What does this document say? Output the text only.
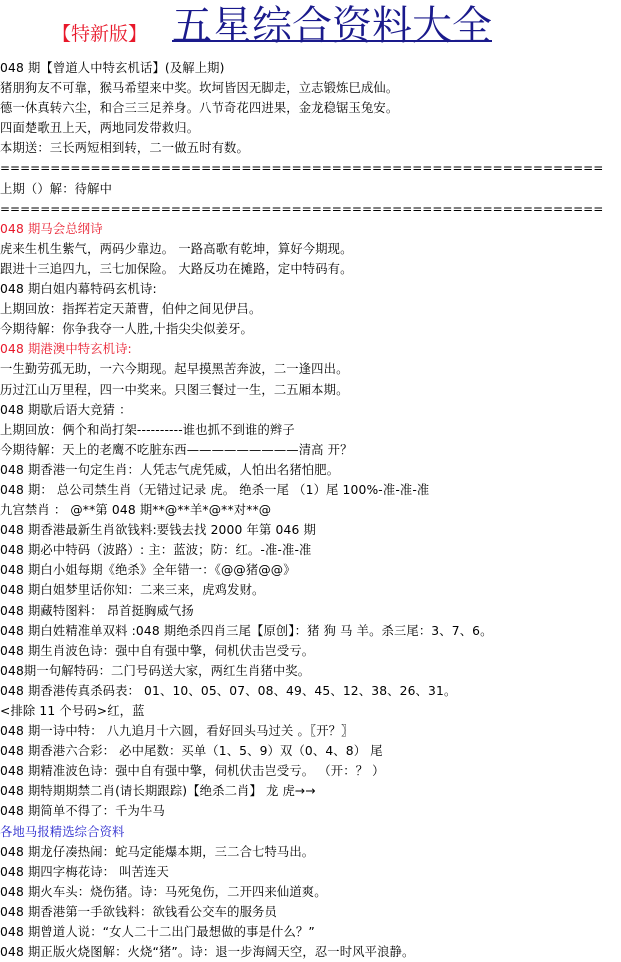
【特新版】 五星综合资料大全
048 期【曾道人中特玄机话】(及解上期)
猪朋狗友不可靠，猴马希望来中奖。坎坷皆因无脚走，立志锻炼巳成仙。
德一休真转六尘，和合三三足养身。八节奇花四进果，金龙稳锯玉兔安。
四面楚歌丑上天，两地同发带救归。
本期送：三长两短相到转，二一做五时有数。
============================================================
上期（）解：待解中
============================================================
048 期马会总纲诗
虎来生机生紫气，两码少靠边。 一路高歌有乾坤，算好今期现。
跟进十三追四九，三七加保险。 大路反功在摊路，定中特码有。
048 期白姐内幕特码玄机诗:
上期回放：指挥若定天萧曹，伯仲之间见伊吕。
今期待解：你争我夺一人胜,十指尖尖似姜牙。
048 期港澳中特玄机诗:
一生勤劳孤无助，一六今期现。起早摸黑苦奔波，二一逢四出。
历过江山万里程，四一中奖来。只图三餐过一生，二五厢本期。
048 期歇后语大竞猜 ：
上期回放：俩个和尚打架----------谁也抓不到谁的辫子
今期待解：天上的老鹰不吃脏东西—————————清高 开？
048 期香港一句定生肖：人凭志气虎凭威，人怕出名猪怕肥。
048 期： 总公司禁生肖（无错过记录 虎。 绝杀一尾 （1）尾 100%-准-准-准
九宫禁肖 ： @**第 048 期**@**羊*@**对**@
048 期香港最新生肖欲钱料:要钱去找 2000 年第 046 期
048 期必中特码（波路）: 主：蓝波；防：红。-准-准-准
048 期白小姐每期《绝杀》全年错一：《@@猪@@》
048 期白姐梦里话你知：二来三来，虎鸡发财。
048 期藏特图料： 昂首挺胸威气扬
048 期白姓精准单双料 :048 期绝杀四肖三尾【原创】：猪 狗 马 羊。杀三尾：3、7、6。
048 期生肖波色诗：强中自有强中擎，伺机伏击岂受亏。
048期一句解特码：二门号码送大家，两红生肖猪中奖。
048 期香港传真杀码表： 01、10、05、07、08、49、45、12、38、26、31。
<排除 11 个号码>红，蓝
048 期一诗中特： 八九追月十六圆，看好回头马过关 。〖开？〗
048 期香港六合彩： 必中尾数：买单（1、5、9）双（0、4、8） 尾
048 期精准波色诗：强中自有强中擎，伺机伏击岂受亏。 （开：？ ）
048 期特期期禁二肖(请长期跟踪)【绝杀二肖】 龙 虎→→
048 期简单不得了：千为牛马
各地马报精选综合资料
048 期龙仔凑热闹：蛇马定能爆本期，三二合七特马出。
048 期四字梅花诗： 叫苦连天
048 期火车头：烧伤猪。诗：马死兔伤，二开四来仙道爽。
048 期香港第一手欲钱料：欲钱看公交车的服务员
048 期曾道人说：“女人二十二出门最想做的事是什么？”
048 期正版火烧图解：火烧“猪”。诗：退一步海阔天空，忍一时风平浪静。
